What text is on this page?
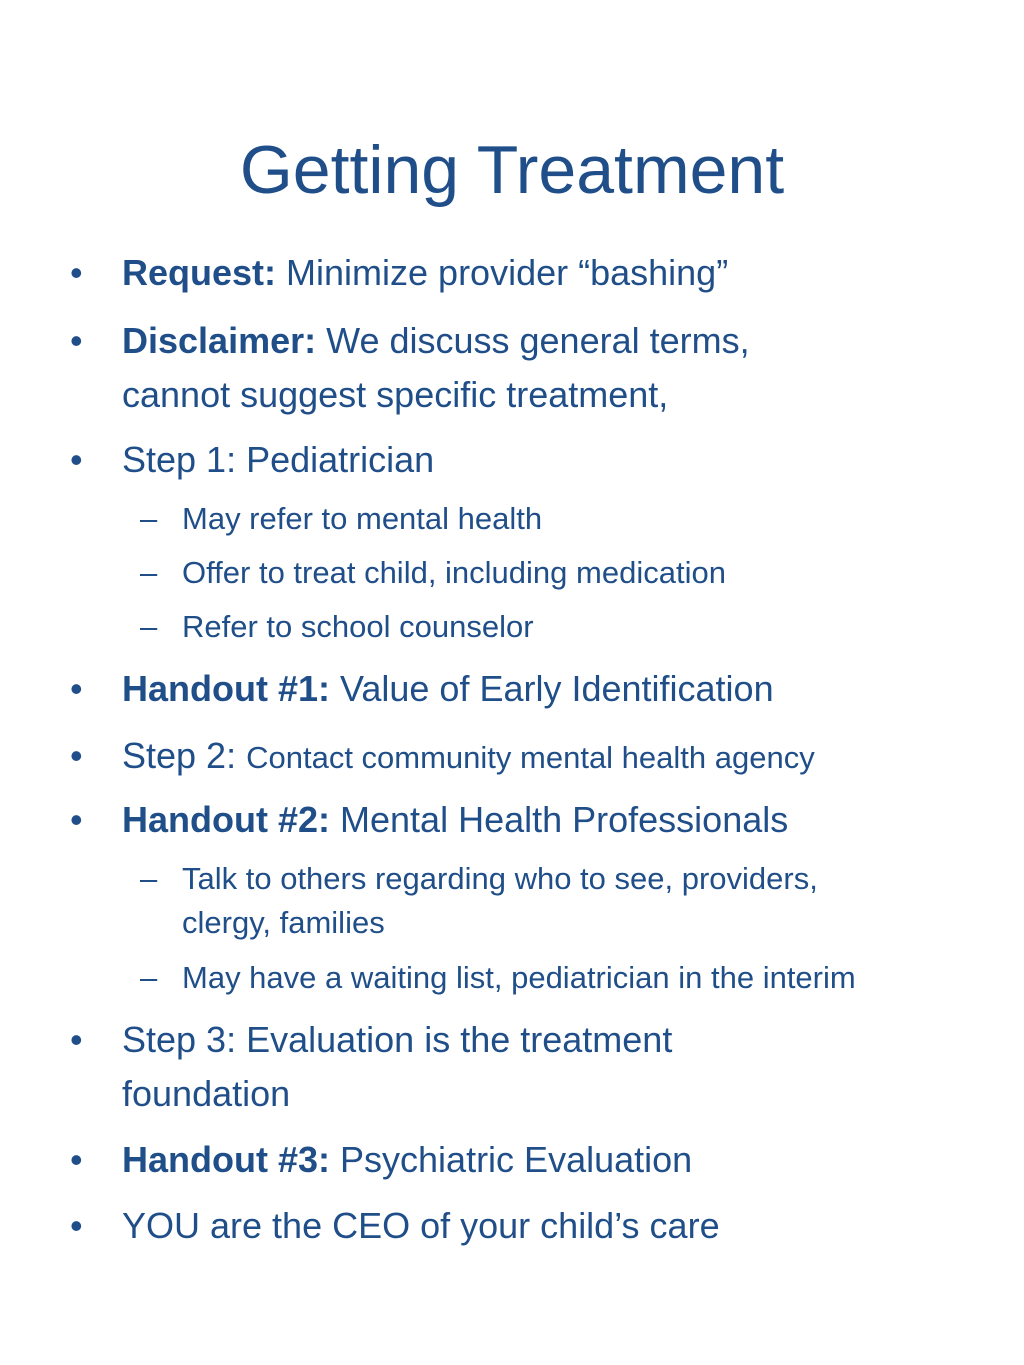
Getting Treatment
• Request: Minimize provider “bashing”
• Disclaimer: We discuss general terms,
cannot suggest specific treatment,
• Step 1: Pediatrician
– May refer to mental health
– Offer to treat child, including medication
– Refer to school counselor
• Handout #1: Value of Early Identification
• Step 2: Contact community mental health agency
• Handout #2: Mental Health Professionals
– Talk to others regarding who to see, providers,
clergy, families
– May have a waiting list, pediatrician in the interim
• Step 3: Evaluation is the treatment
foundation
• Handout #3: Psychiatric Evaluation
• YOU are the CEO of your child’s care
